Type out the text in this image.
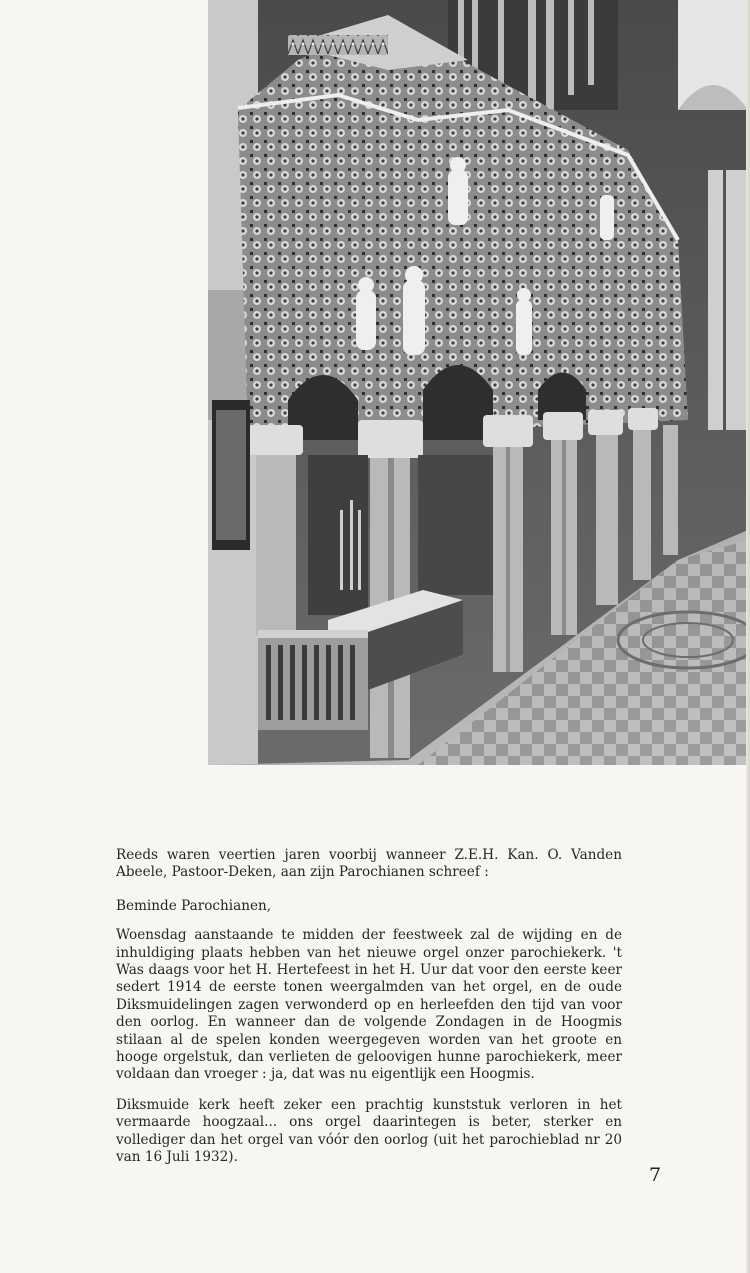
Reeds waren veertien jaren voorbij wanneer Z.E.H. Kan. O. Vanden Abeele, Pastoor-Deken, aan zijn Parochianen schreef :

Beminde Parochianen,

Woensdag aanstaande te midden der feestweek zal de wijding en de inhuldiging plaats hebben van het nieuwe orgel onzer parochiekerk. 't Was daags voor het H. Hertefeest in het H. Uur dat voor den eerste keer sedert 1914 de eerste tonen weergalmden van het orgel, en de oude Diksmuidelingen zagen verwonderd op en herleefden den tijd van voor den oorlog. En wanneer dan de volgende Zondagen in de Hoogmis stilaan al de spelen konden weergegeven worden van het groote en hooge orgelstuk, dan verlieten de geloovigen hunne parochiekerk, meer voldaan dan vroeger : ja, dat was nu eigentlijk een Hoogmis.

Diksmuide kerk heeft zeker een prachtig kunststuk verloren in het vermaarde hoogzaal... ons orgel daarintegen is beter, sterker en vollediger dan het orgel van vóór den oorlog (uit het parochieblad nr 20 van 16 Juli 1932).

7
